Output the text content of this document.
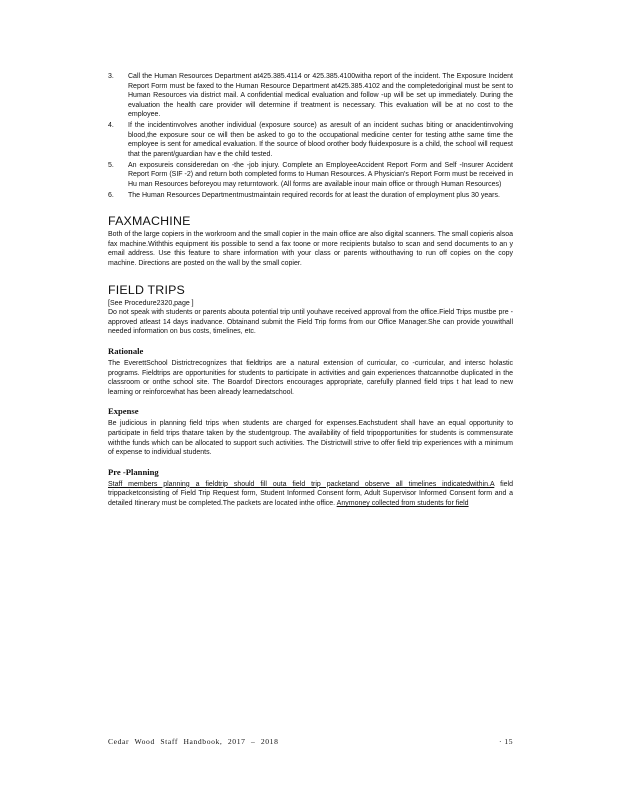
3.	Call the Human Resources Department at425.385.4114 or 425.385.4100witha report of the incident. The Exposure Incident Report Form must be faxed to the Human Resource Department at425.385.4102 and the completedoriginal must be sent to Human Resources via district mail. A confidential medical evaluation and follow -up will be set up immediately. During the evaluation the health care provider will determine if treatment is necessary. This evaluation will be at no cost to the employee.
4.	If the incidentinvolves another individual (exposure source) as aresult of an incident suchas biting or anacidentinvolving blood,the exposure sour ce will then be asked to go to the occupational medicine center for testing atthe same time the employee is sent for amedical evaluation. If the source of blood orother body fluidexposure is a child, the school will request that the parent/guardian hav e the child tested.
5.	An exposureis consideredan on -the -job injury. Complete an EmployeeAccident Report Form and Self -Insurer Accident Report Form (SIF -2) and return both completed forms to Human Resources. A Physician's Report Form must be received in Hu man Resources beforeyou may returntowork. (All forms are available inour main office or through Human Resources)
6.	The Human Resources Departmentmustmaintain required records for at least the duration of employment plus 30 years.
FAXMACHINE

Both of the large copiers in the workroom and the small copier in the main office are also digital scanners. The small copieris alsoa fax machine.Withthis equipment itis possible to send a fax toone or more recipients butalso to scan and send documents to an y email address. Use this feature to share information with your class or parents withouthaving to run off copies on the copy machine. Directions are posted on the wall by the small copier.

FIELD TRIPS

[See Procedure2320,page ]

Do not speak with students or parents abouta potential trip until youhave received approval from the office.Field Trips mustbe pre -approved atleast 14 days inadvance. Obtainand submit the Field Trip forms from our Office Manager.She can provide youwithall needed information on bus costs, timelines, etc.

Rationale

The EverettSchool Districtrecognizes that fieldtrips are a natural extension of curricular, co -curricular, and intersc holastic programs. Fieldtrips are opportunities for students to participate in activities and gain experiences thatcannotbe duplicated in the classroom or onthe school site. The Boardof Directors encourages appropriate, carefully planned field trips t hat lead to new learning or reinforcewhat has been already learnedatschool.

Expense

Be judicious in planning field trips when students are charged for expenses.Eachstudent shall have an equal opportunity to participate in field trips thatare taken by the studentgroup. The availability of field tripopportunities for students is commensurate withthe funds which can be allocated to support such activities. The Districtwill strive to offer field trip experiences with a minimum of expense to individual students.

Pre -Planning

Staff members planning a fieldtrip should fill outa field trip packetand observe all timelines indicatedwithin.A field trippacketconsisting of Field Trip Request form, Student Informed Consent form, Adult Supervisor Informed Consent form and a detailed Itinerary must be completed.The packets are located inthe office. Anymoney collected from students for field

Cedar Wood Staff Handbook, 2017 – 2018	· 15
